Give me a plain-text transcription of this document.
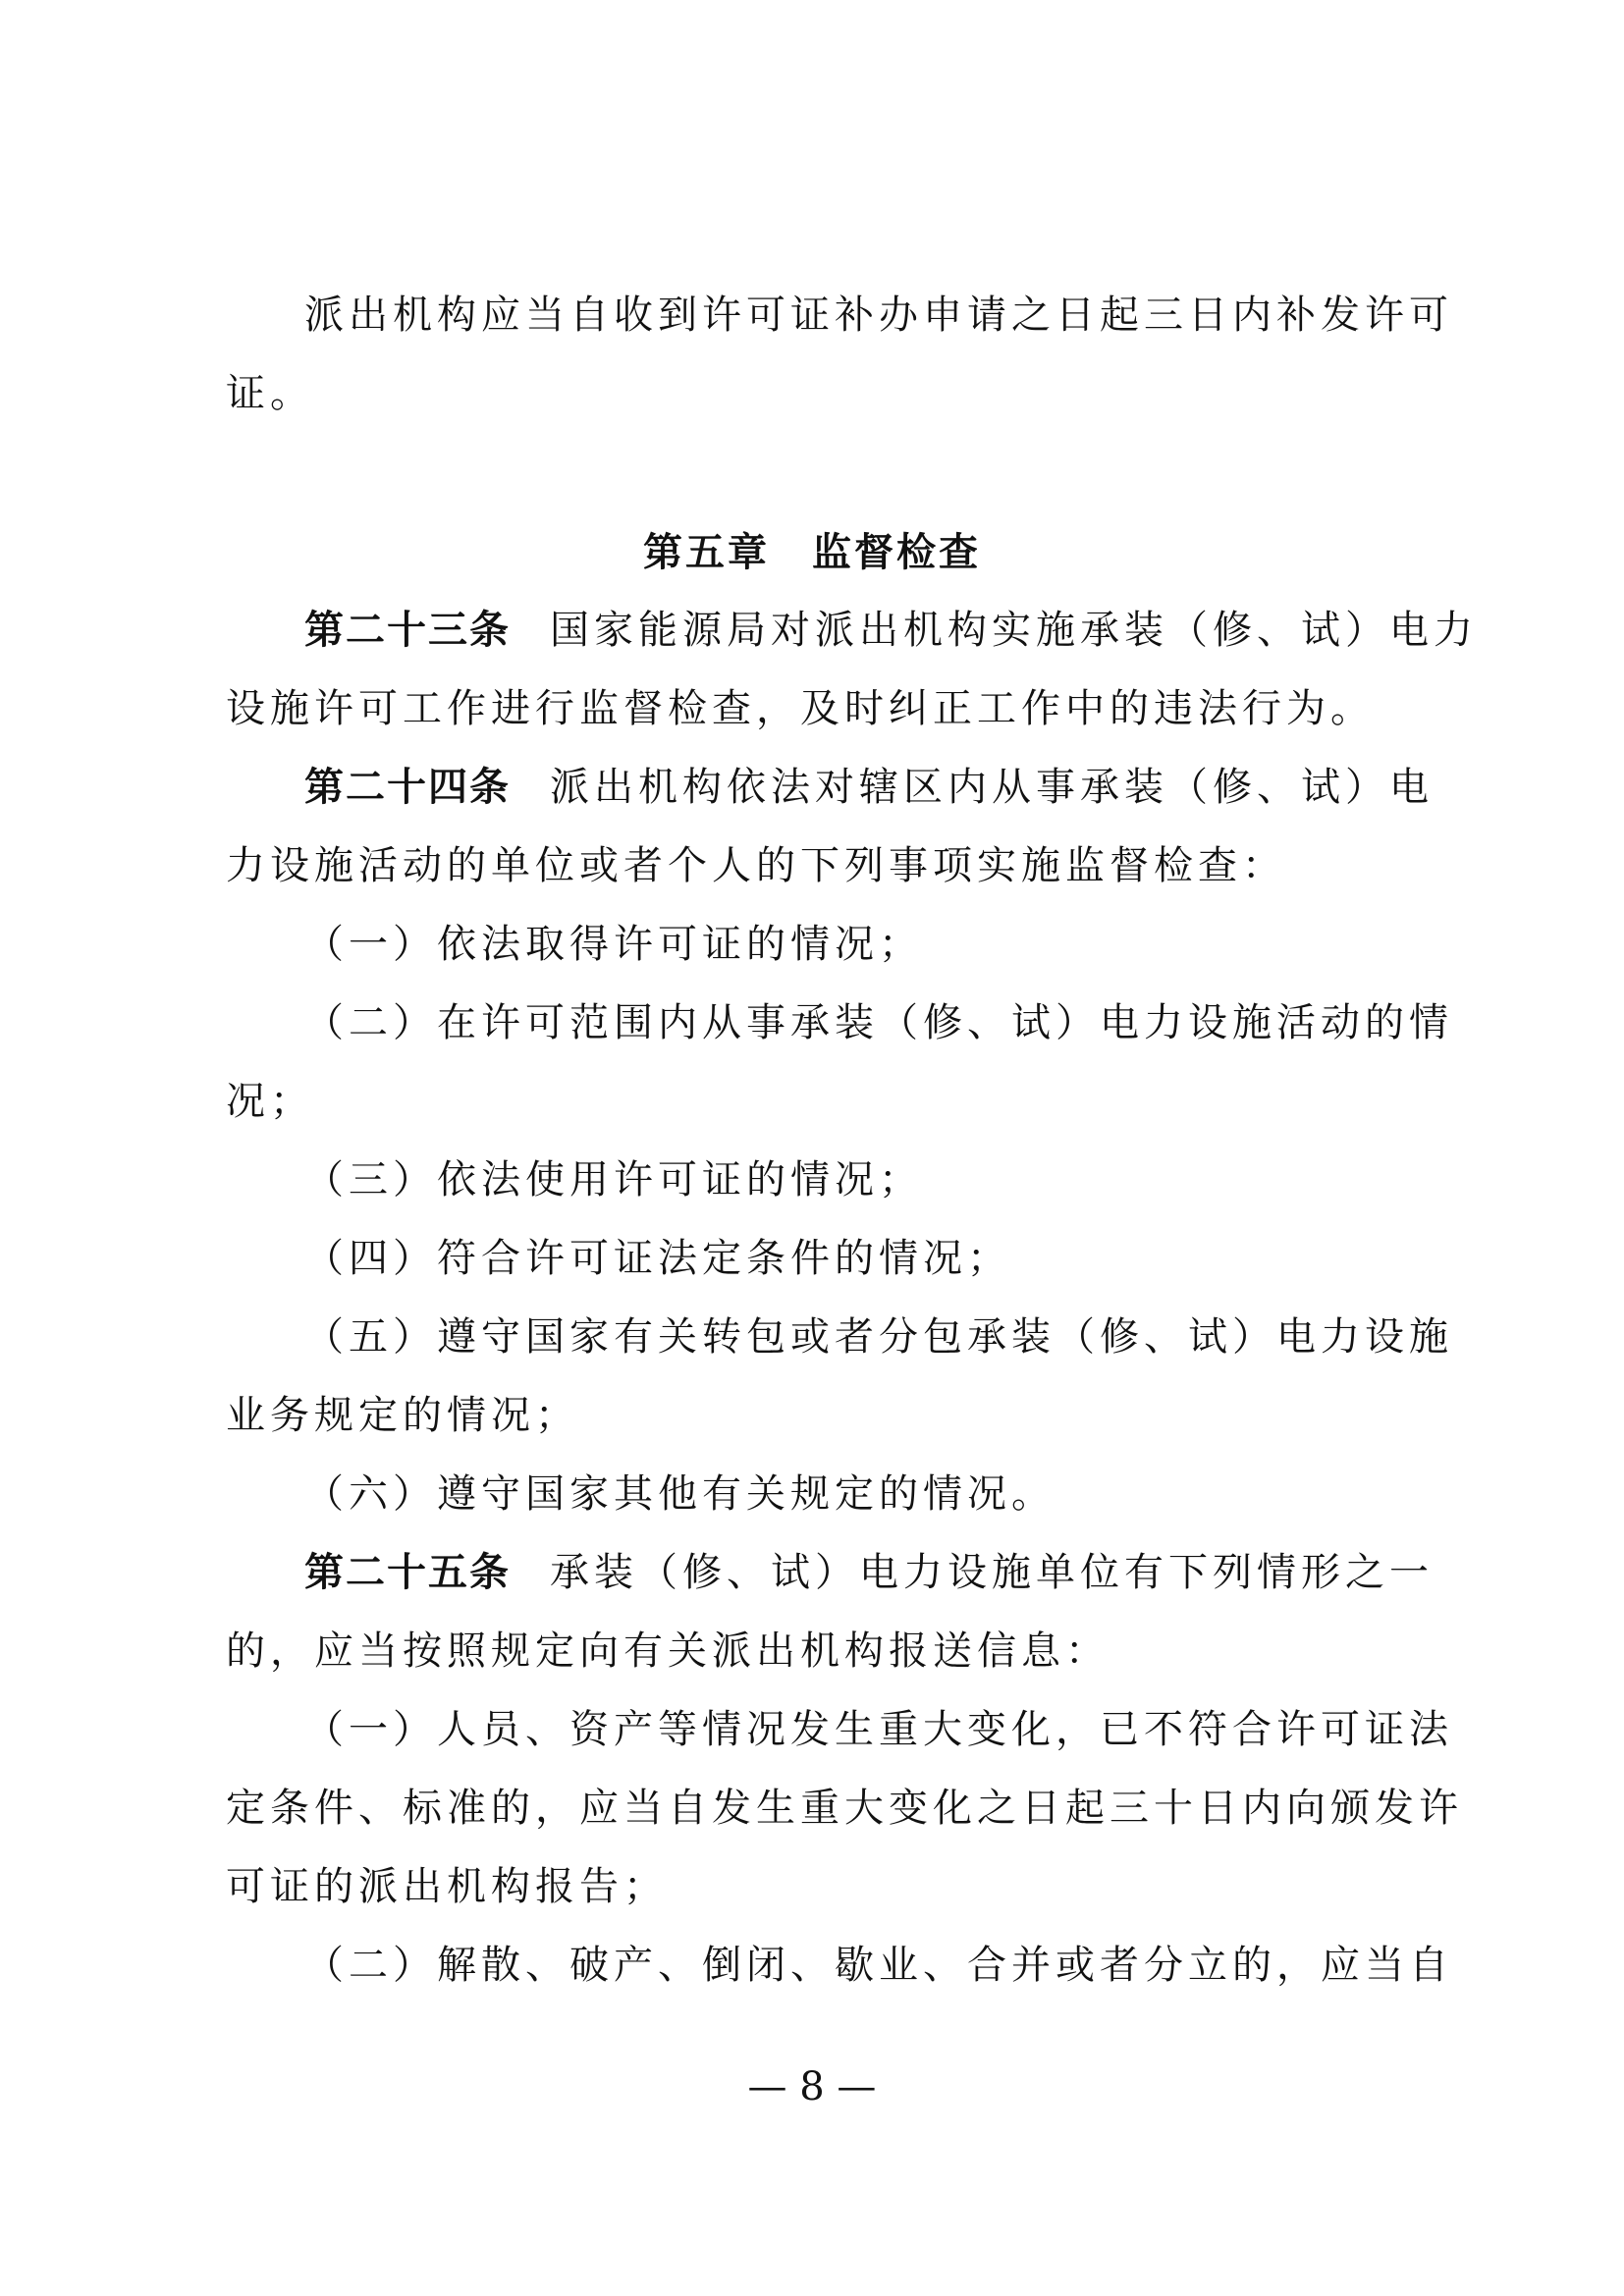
派出机构应当自收到许可证补办申请之日起三日内补发许可
证。
第五章　监督检查
第二十三条 国家能源局对派出机构实施承装（修、试）电力
设施许可工作进行监督检查，及时纠正工作中的违法行为。
第二十四条 派出机构依法对辖区内从事承装（修、试）电
力设施活动的单位或者个人的下列事项实施监督检查：
（一）依法取得许可证的情况；
（二）在许可范围内从事承装（修、试）电力设施活动的情
况；
（三）依法使用许可证的情况；
（四）符合许可证法定条件的情况；
（五）遵守国家有关转包或者分包承装（修、试）电力设施
业务规定的情况；
（六）遵守国家其他有关规定的情况。
第二十五条 承装（修、试）电力设施单位有下列情形之一
的，应当按照规定向有关派出机构报送信息：
（一）人员、资产等情况发生重大变化，已不符合许可证法
定条件、标准的，应当自发生重大变化之日起三十日内向颁发许
可证的派出机构报告；
（二）解散、破产、倒闭、歇业、合并或者分立的，应当自
— 8 —
